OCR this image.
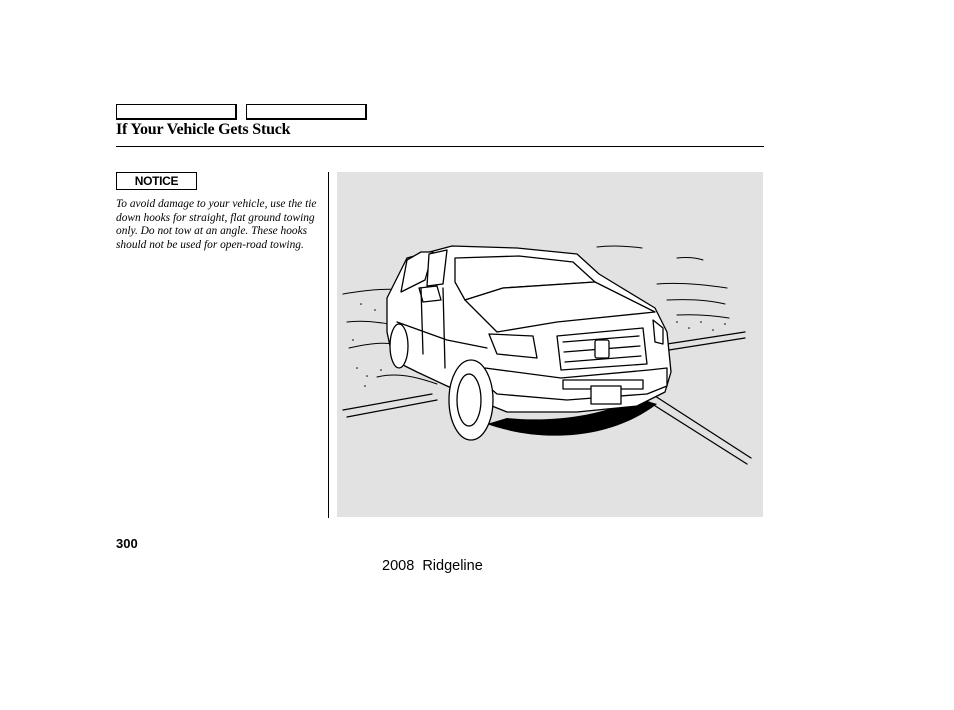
If Your Vehicle Gets Stuck
NOTICE
To avoid damage to your vehicle, use the tie down hooks for straight, flat ground towing only. Do not tow at an angle. These hooks should not be used for open-road towing.
300
2008  Ridgeline
